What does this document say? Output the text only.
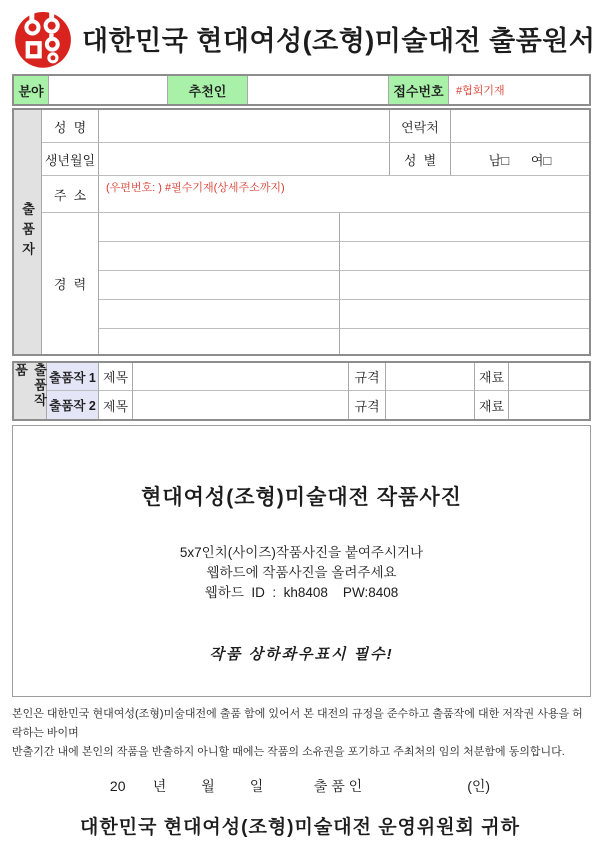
대한민국 현대여성(조형)미술대전 출품원서
분야	추천인	접수번호	#협회기재
출품자
성  명	연락처
생년월일	성  별	남□      여□
주  소	(우편번호: ) #필수기재(상세주소까지)
경  력
출품작품	출품작 1 제목	규격	재료
출품작 2 제목	규격	재료
현대여성(조형)미술대전 작품사진
5x7인치(사이즈)작품사진을 붙여주시거나
웹하드에 작품사진을 올려주세요
웹하드  ID  :  kh8408    PW:8408
작품 상하좌우표시 필수!
본인은 대한민국 현대여성(조형)미술대전에 출품 함에 있어서 본 대전의 규정을 준수하고 출품작에 대한 저작권 사용을 허락하는 바이며
반출기간 내에 본인의 작품을 반출하지 아니할 때에는 작품의 소유권을 포기하고 주최처의 임의 처분함에 동의합니다.
20       년         월         일             출 품 인	(인)
대한민국 현대여성(조형)미술대전 운영위원회 귀하
